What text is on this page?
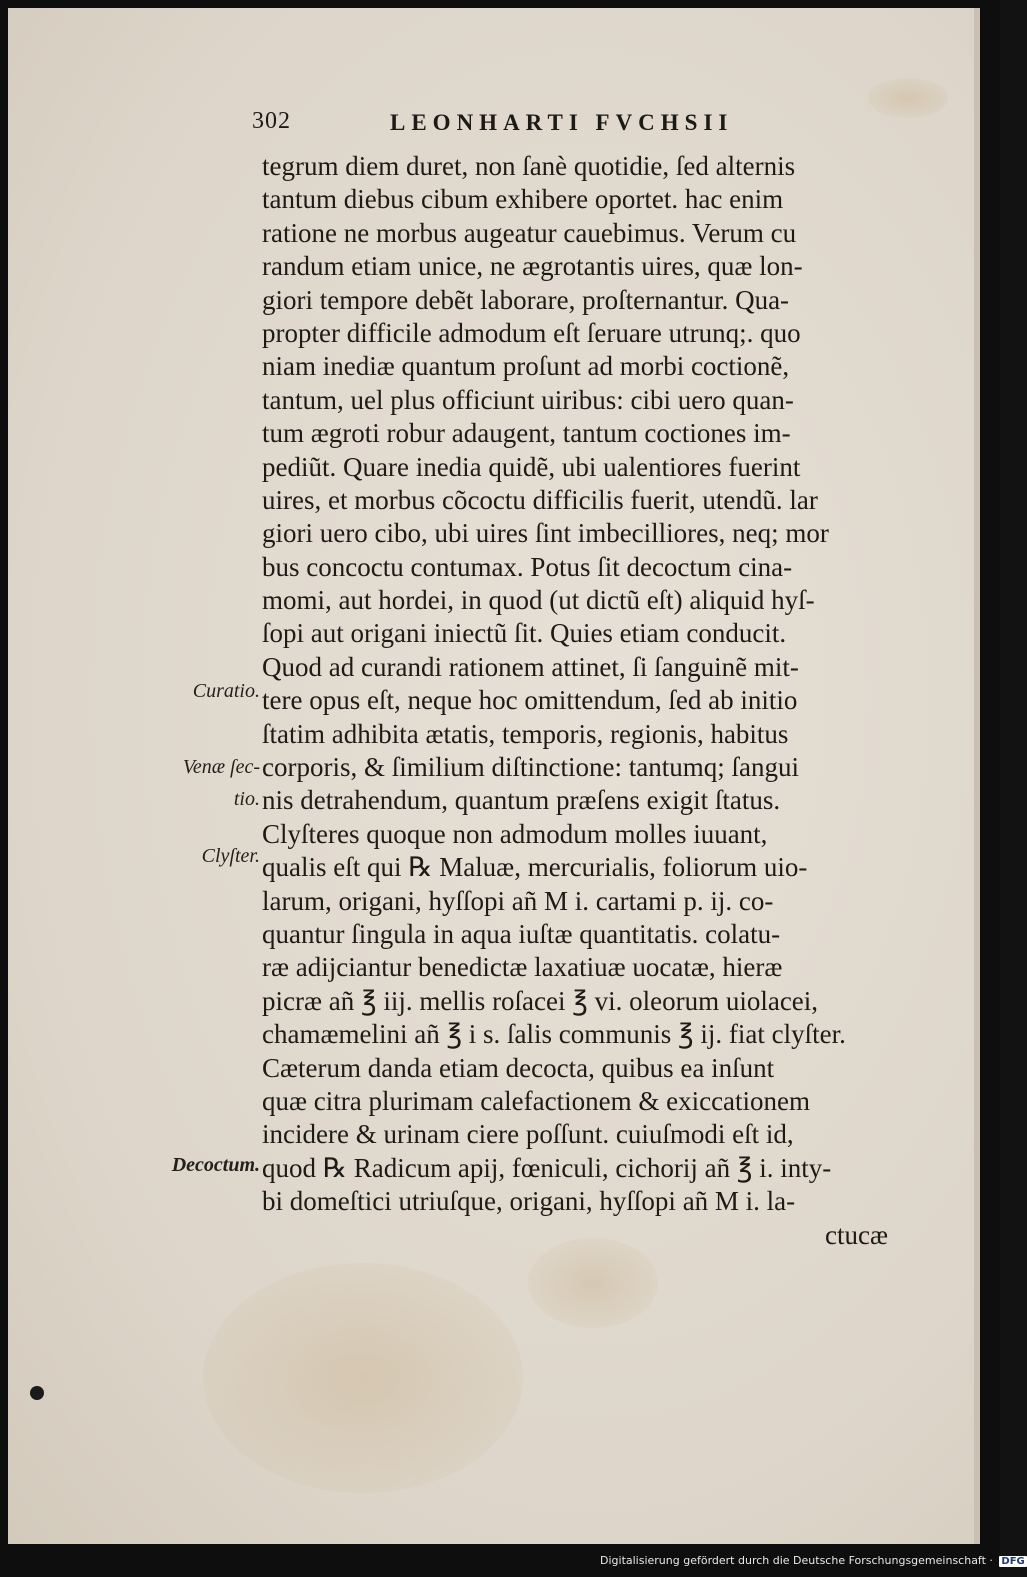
302	LEONHARTI FVCHSII
Curatio.
Venæ ſec-
tio.
Clyſter.
Decoctum.
tegrum diem duret, non ſanè quotidie, ſed alternis
tantum diebus cibum exhibere oportet. hac enim
ratione ne morbus augeatur cauebimus. Verum cu
randum etiam unice, ne ægrotantis uires, quæ lon-
giori tempore debẽt laborare, proſternantur. Qua-
propter difficile admodum eſt ſeruare utrunq;. quo
niam inediæ quantum proſunt ad morbi coctionẽ,
tantum, uel plus officiunt uiribus: cibi uero quan-
tum ægroti robur adaugent, tantum coctiones im-
pediũt. Quare inedia quidẽ, ubi ualentiores fuerint
uires, et morbus cõcoctu difficilis fuerit, utendũ. lar
giori uero cibo, ubi uires ſint imbecilliores, neq; mor
bus concoctu contumax. Potus ſit decoctum cina-
momi, aut hordei, in quod (ut dictũ eſt) aliquid hyſ-
ſopi aut origani iniectũ ſit. Quies etiam conducit.
Quod ad curandi rationem attinet, ſi ſanguinẽ mit-
tere opus eſt, neque hoc omittendum, ſed ab initio
ſtatim adhibita ætatis, temporis, regionis, habitus
corporis, & ſimilium diſtinctione: tantumq; ſangui
nis detrahendum, quantum præſens exigit ſtatus.
Clyſteres quoque non admodum molles iuuant,
qualis eſt qui ℞ Maluæ, mercurialis, foliorum uio-
larum, origani, hyſſopi añ M i. cartami p. ij. co-
quantur ſingula in aqua iuſtæ quantitatis. colatu-
ræ adijciantur benedictæ laxatiuæ uocatæ, hieræ
picræ añ ℥ iij. mellis roſacei ℥ vi. oleorum uiolacei,
chamæmelini añ ℥ i s. ſalis communis ℥ ij. fiat clyſter.
Cæterum danda etiam decocta, quibus ea inſunt
quæ citra plurimam calefactionem & exiccationem
incidere & urinam ciere poſſunt. cuiuſmodi eſt id,
quod ℞ Radicum apij, fœniculi, cichorij añ ℥ i. inty-
bi domeſtici utriuſque, origani, hyſſopi añ M i. la-
ctucæ
Digitalisierung gefördert durch die Deutsche Forschungsgemeinschaft · DFG
